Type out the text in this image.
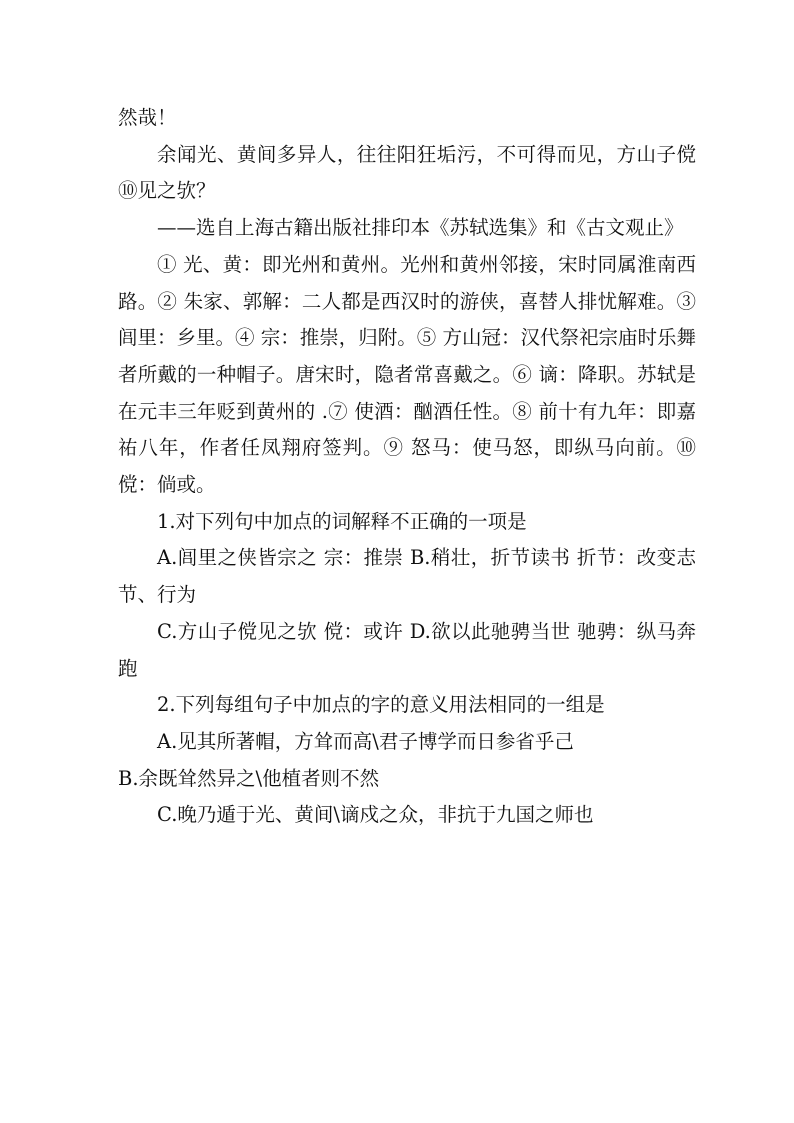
然哉！

余闻光、黄间多异人，往往阳狂垢污，不可得而见，方山子傥⑩见之欤？

——选自上海古籍出版社排印本《苏轼选集》和《古文观止》

① 光、黄：即光州和黄州。光州和黄州邻接，宋时同属淮南西路。② 朱家、郭解：二人都是西汉时的游侠，喜替人排忧解难。③ 闾里：乡里。④ 宗：推崇，归附。⑤ 方山冠：汉代祭祀宗庙时乐舞者所戴的一种帽子。唐宋时，隐者常喜戴之。⑥ 谪：降职。苏轼是在元丰三年贬到黄州的 .⑦ 使酒：酗酒任性。⑧ 前十有九年：即嘉祐八年，作者任凤翔府签判。⑨ 怒马：使马怒，即纵马向前。⑩ 傥：倘或。

1.对下列句中加点的词解释不正确的一项是

A.闾里之侠皆宗之 宗：推崇 B.稍壮，折节读书 折节：改变志节、行为

C.方山子傥见之欤 傥：或许 D.欲以此驰骋当世 驰骋：纵马奔跑

2.下列每组句子中加点的字的意义用法相同的一组是

A.见其所著帽，方耸而高\君子博学而日参省乎己

B.余既耸然异之\他植者则不然

C.晚乃遁于光、黄间\谪戍之众，非抗于九国之师也
